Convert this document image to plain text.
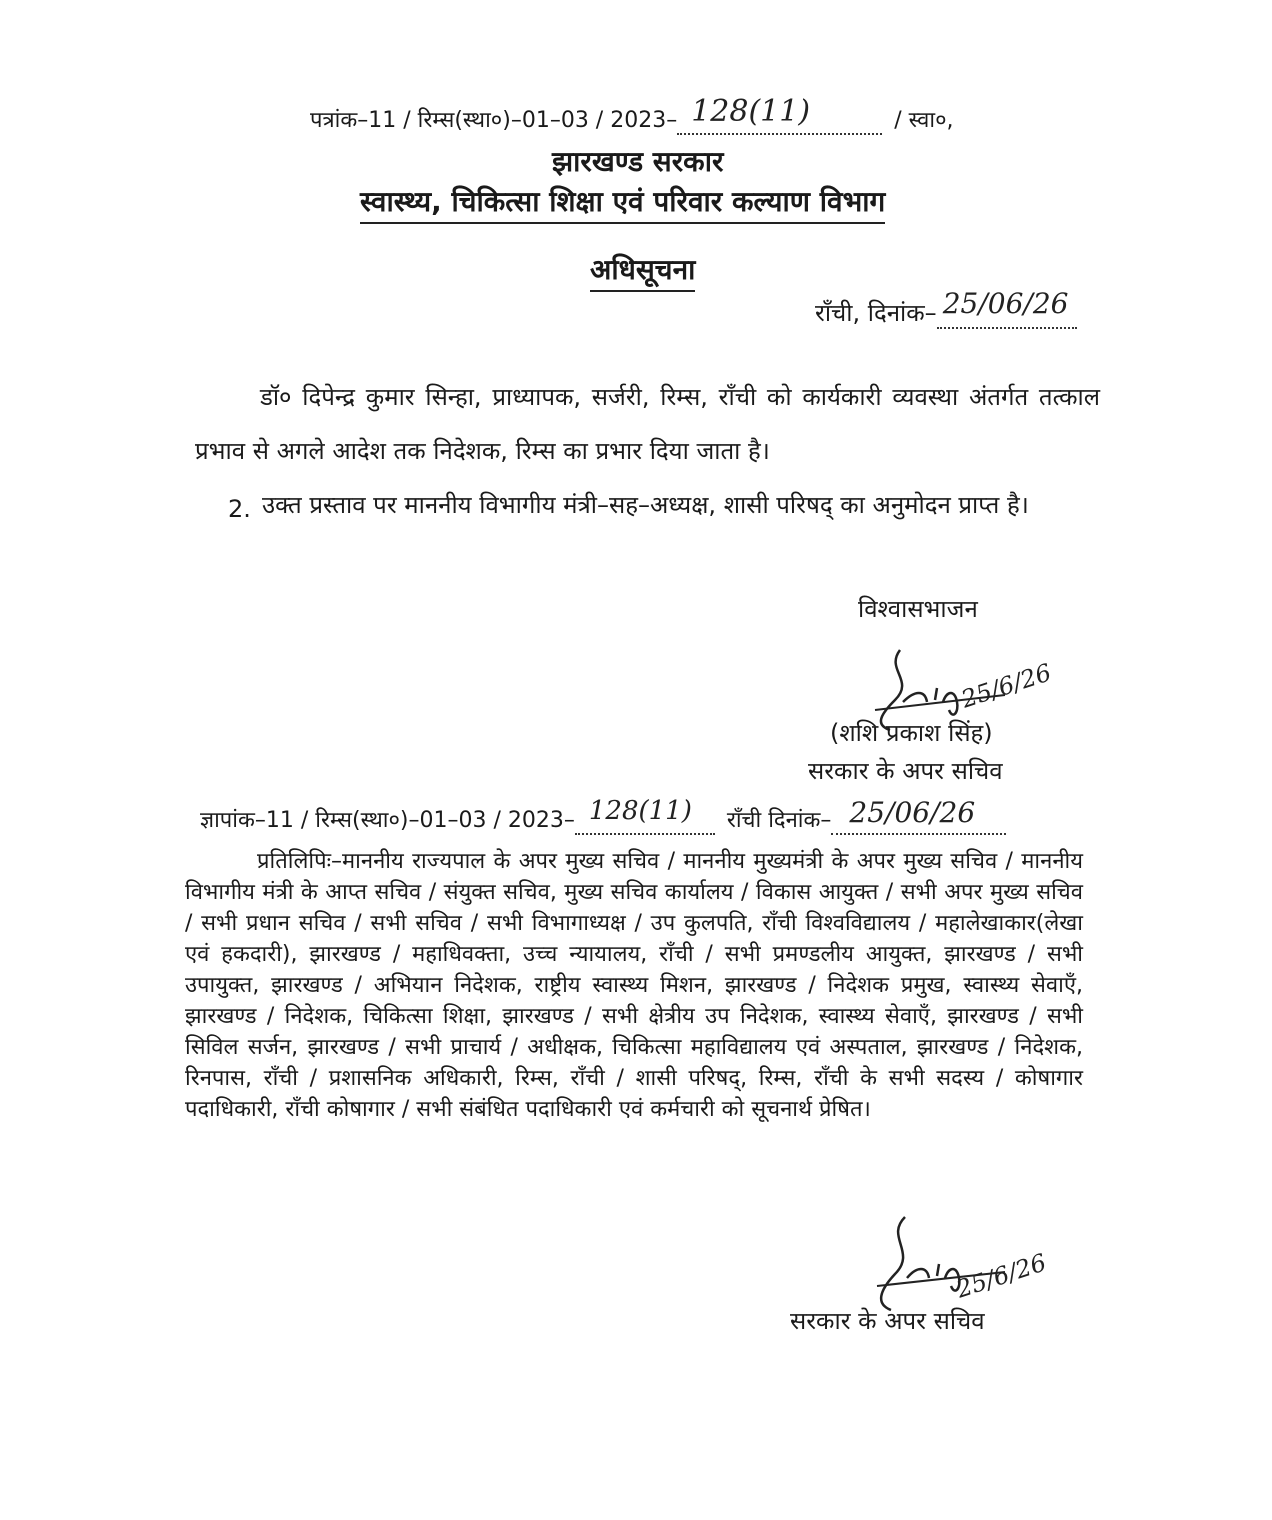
पत्रांक–11 / रिम्स(स्था०)–01–03 / 2023– 128(11)	/ स्वा०,
झारखण्ड सरकार
स्वास्थ्य, चिकित्सा शिक्षा एवं परिवार कल्याण विभाग
अधिसूचना
राँची, दिनांक– 25/06/26

डॉ० दिपेन्द्र कुमार सिन्हा, प्राध्यापक, सर्जरी, रिम्स, राँची को कार्यकारी व्यवस्था अंतर्गत तत्काल प्रभाव से अगले आदेश तक निदेशक, रिम्स का प्रभार दिया जाता है।
2. उक्त प्रस्ताव पर माननीय विभागीय मंत्री–सह–अध्यक्ष, शासी परिषद् का अनुमोदन प्राप्त है।
विश्वासभाजन
25/6/26
(शशि प्रकाश सिंह)
सरकार के अपर सचिव
ज्ञापांक–11 / रिम्स(स्था०)–01–03 / 2023– 128(11) राँची दिनांक– 25/06/26

प्रतिलिपिः–माननीय राज्यपाल के अपर मुख्य सचिव / माननीय मुख्यमंत्री के अपर मुख्य सचिव / माननीय विभागीय मंत्री के आप्त सचिव / संयुक्त सचिव, मुख्य सचिव कार्यालय / विकास आयुक्त / सभी अपर मुख्य सचिव / सभी प्रधान सचिव / सभी सचिव / सभी विभागाध्यक्ष / उप कुलपति, राँची विश्वविद्यालय / महालेखाकार(लेखा एवं हकदारी), झारखण्ड / महाधिवक्ता, उच्च न्यायालय, राँची / सभी प्रमण्डलीय आयुक्त, झारखण्ड / सभी उपायुक्त, झारखण्ड / अभियान निदेशक, राष्ट्रीय स्वास्थ्य मिशन, झारखण्ड / निदेशक प्रमुख, स्वास्थ्य सेवाएँ, झारखण्ड / निदेशक, चिकित्सा शिक्षा, झारखण्ड / सभी क्षेत्रीय उप निदेशक, स्वास्थ्य सेवाएँ, झारखण्ड / सभी सिविल सर्जन, झारखण्ड / सभी प्राचार्य / अधीक्षक, चिकित्सा महाविद्यालय एवं अस्पताल, झारखण्ड / निदेशक, रिनपास, राँची / प्रशासनिक अधिकारी, रिम्स, राँची / शासी परिषद्, रिम्स, राँची के सभी सदस्य / कोषागार पदाधिकारी, राँची कोषागार / सभी संबंधित पदाधिकारी एवं कर्मचारी को सूचनार्थ प्रेषित।
25/6/26
सरकार के अपर सचिव
